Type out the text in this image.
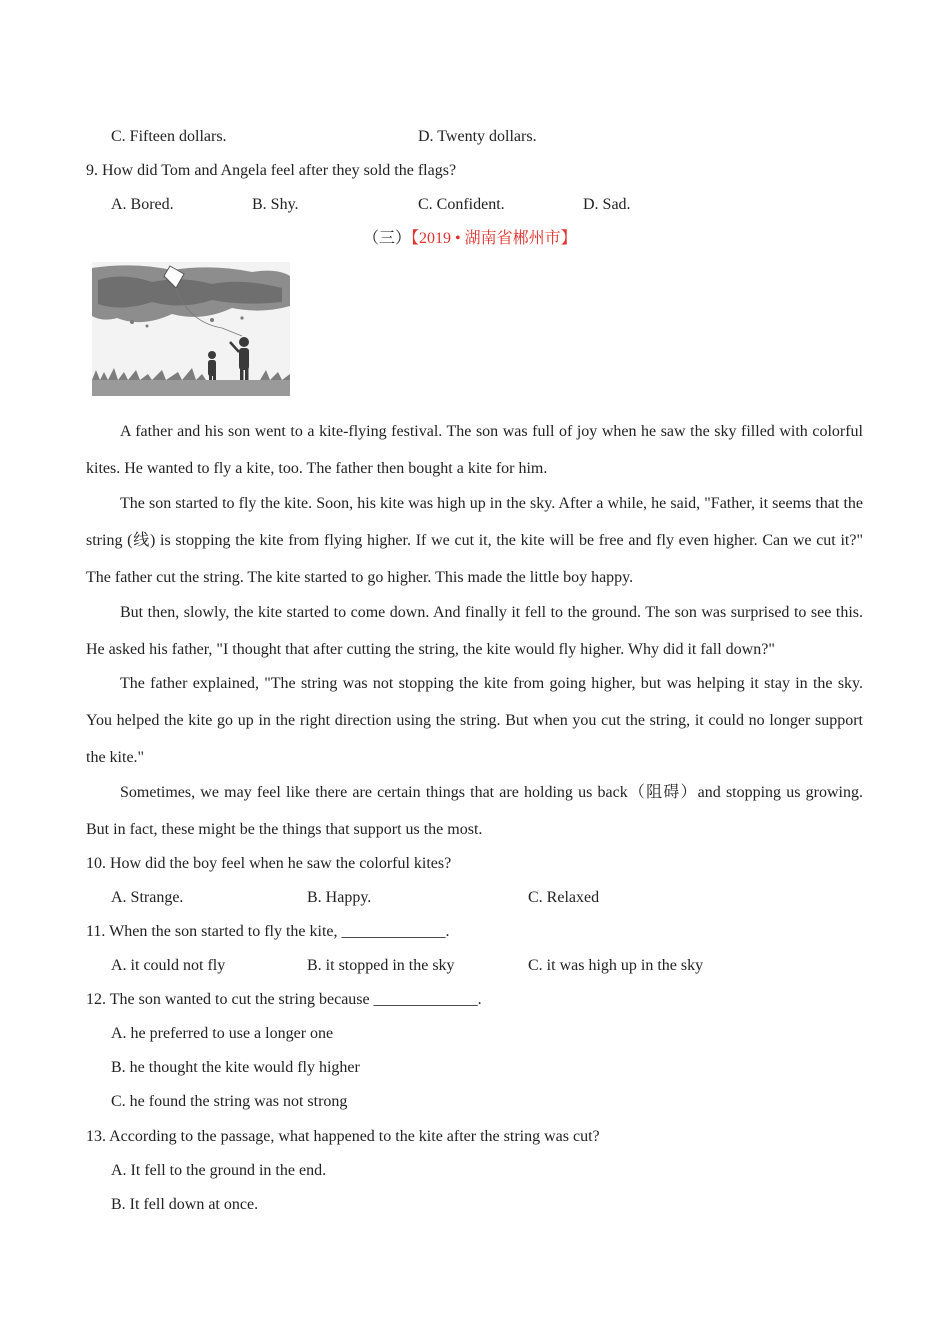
C. Fifteen dollars.	D. Twenty dollars.
9. How did Tom and Angela feel after they sold the flags?
A. Bored.	B. Shy.	C. Confident.	D. Sad.
（三）【2019 • 湖南省郴州市】
A father and his son went to a kite-flying festival. The son was full of joy when he saw the sky filled with colorful kites. He wanted to fly a kite, too. The father then bought a kite for him.
The son started to fly the kite. Soon, his kite was high up in the sky. After a while, he said, "Father, it seems that the string (线) is stopping the kite from flying higher. If we cut it, the kite will be free and fly even higher. Can we cut it?" The father cut the string. The kite started to go higher. This made the little boy happy.
But then, slowly, the kite started to come down. And finally it fell to the ground. The son was surprised to see this. He asked his father, "I thought that after cutting the string, the kite would fly higher. Why did it fall down?"
The father explained, "The string was not stopping the kite from going higher, but was helping it stay in the sky. You helped the kite go up in the right direction using the string. But when you cut the string, it could no longer support the kite."
Sometimes, we may feel like there are certain things that are holding us back（阻碍）and stopping us growing. But in fact, these might be the things that support us the most.
10. How did the boy feel when he saw the colorful kites?
A. Strange.	B. Happy.	C. Relaxed
11. When the son started to fly the kite, _____________.
A. it could not fly	B. it stopped in the sky	C. it was high up in the sky
12. The son wanted to cut the string because _____________.
A. he preferred to use a longer one
B. he thought the kite would fly higher
C. he found the string was not strong
13. According to the passage, what happened to the kite after the string was cut?
A. It fell to the ground in the end.
B. It fell down at once.
